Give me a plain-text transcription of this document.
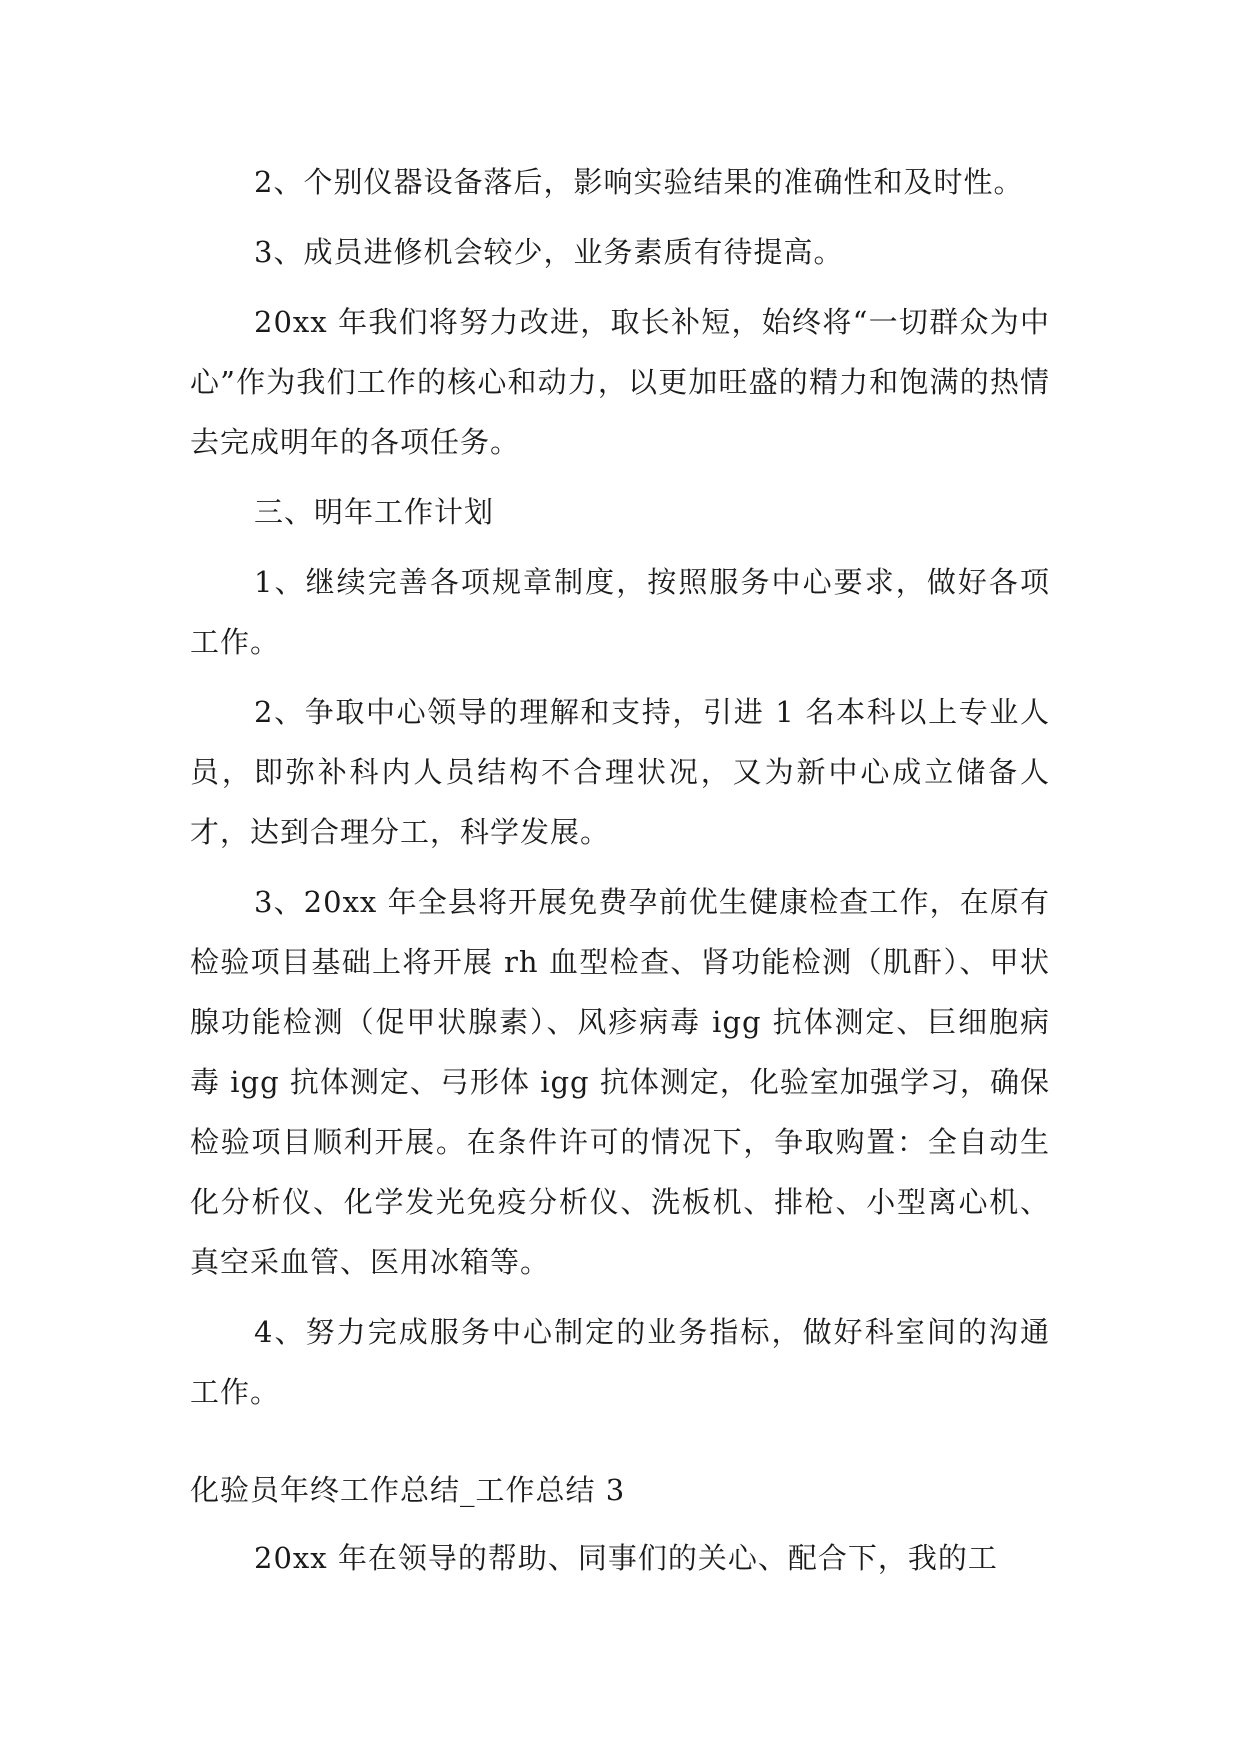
2、个别仪器设备落后，影响实验结果的准确性和及时性。

3、成员进修机会较少，业务素质有待提高。

20xx 年我们将努力改进，取长补短，始终将“一切群众为中心”作为我们工作的核心和动力，以更加旺盛的精力和饱满的热情去完成明年的各项任务。

三、明年工作计划

1、继续完善各项规章制度，按照服务中心要求，做好各项工作。

2、争取中心领导的理解和支持，引进 1 名本科以上专业人员，即弥补科内人员结构不合理状况，又为新中心成立储备人才，达到合理分工，科学发展。

3、20xx 年全县将开展免费孕前优生健康检查工作，在原有检验项目基础上将开展 rh 血型检查、肾功能检测（肌酐）、甲状腺功能检测（促甲状腺素）、风疹病毒 igg 抗体测定、巨细胞病毒 igg 抗体测定、弓形体 igg 抗体测定，化验室加强学习，确保检验项目顺利开展。在条件许可的情况下，争取购置：全自动生化分析仪、化学发光免疫分析仪、洗板机、排枪、小型离心机、真空采血管、医用冰箱等。

4、努力完成服务中心制定的业务指标，做好科室间的沟通工作。

化验员年终工作总结_工作总结 3

20xx 年在领导的帮助、同事们的关心、配合下，我的工
